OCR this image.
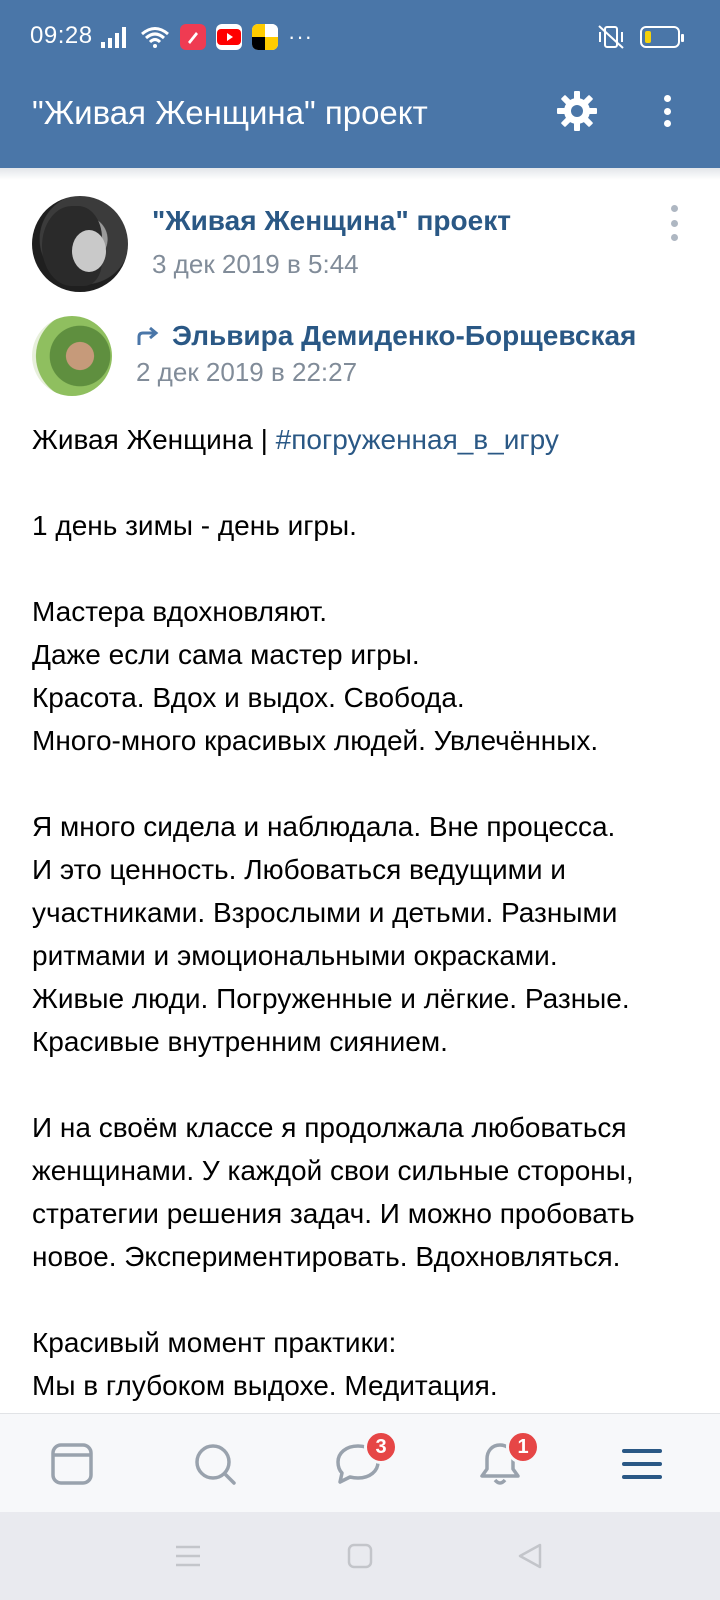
09:28	···
"Живая Женщина" проект
"Живая Женщина" проект
3 дек 2019 в 5:44
Эльвира Демиденко-Борщевская
2 дек 2019 в 22:27
Живая Женщина | #погруженная_в_игру
1 день зимы - день игры.
Мастера вдохновляют.
Даже если сама мастер игры.
Красота. Вдох и выдох. Свобода.
Много-много красивых людей. Увлечённых.
Я много сидела и наблюдала. Вне процесса.
И это ценность. Любоваться ведущими и
участниками. Взрослыми и детьми. Разными
ритмами и эмоциональными окрасками.
Живые люди. Погруженные и лёгкие. Разные.
Красивые внутренним сиянием.
И на своём классе я продолжала любоваться
женщинами. У каждой свои сильные стороны,
стратегии решения задач. И можно пробовать
новое. Экспериментировать. Вдохновляться.
Красивый момент практики:
Мы в глубоком выдохе. Медитация.
3	1
